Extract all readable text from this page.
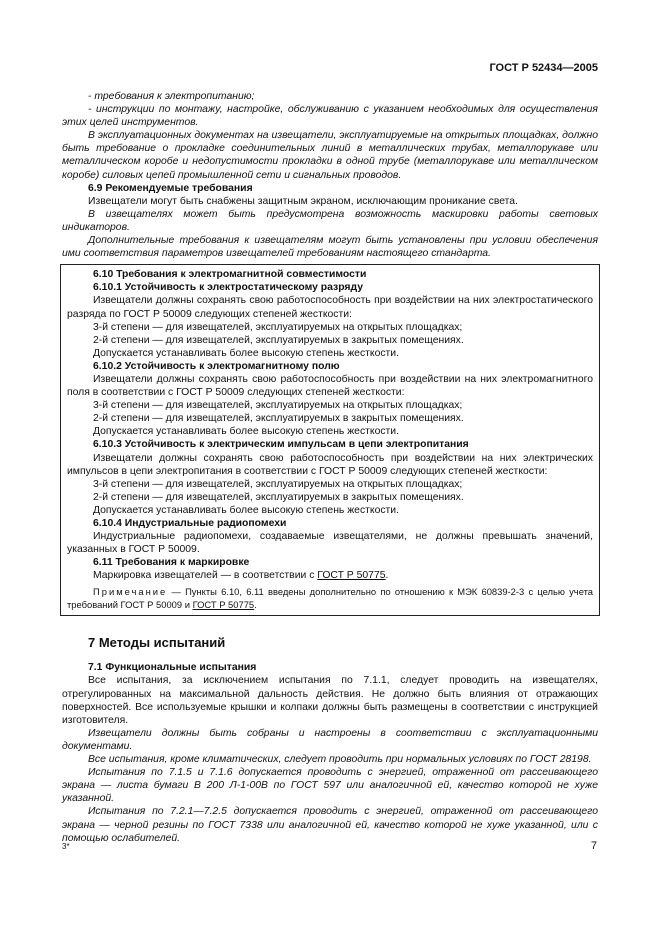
ГОСТ Р 52434—2005

- требования к электропитанию;

- инструкции по монтажу, настройке, обслуживанию с указанием необходимых для осуществления этих целей инструментов.

В эксплуатационных документах на извещатели, эксплуатируемые на открытых площадках, должно быть требование о прокладке соединительных линий в металлических трубах, металлорукаве или металлическом коробе и недопустимости прокладки в одной трубе (металлорукаве или металлическом коробе) силовых цепей промышленной сети и сигнальных проводов.

6.9 Рекомендуемые требования

Извещатели могут быть снабжены защитным экраном, исключающим проникание света.

В извещателях может быть предусмотрена возможность маскировки работы световых индикаторов.

Дополнительные требования к извещателям могут быть установлены при условии обеспечения ими соответствия параметров извещателей требованиям настоящего стандарта.

6.10 Требования к электромагнитной совместимости

6.10.1 Устойчивость к электростатическому разряду

Извещатели должны сохранять свою работоспособность при воздействии на них электростатического разряда по ГОСТ Р 50009 следующих степеней жесткости:

3-й степени — для извещателей, эксплуатируемых на открытых площадках;

2-й степени — для извещателей, эксплуатируемых в закрытых помещениях.

Допускается устанавливать более высокую степень жесткости.

6.10.2 Устойчивость к электромагнитному полю

Извещатели должны сохранять свою работоспособность при воздействии на них электромагнитного поля в соответствии с ГОСТ Р 50009 следующих степеней жесткости:

3-й степени — для извещателей, эксплуатируемых на открытых площадках;

2-й степени — для извещателей, эксплуатируемых в закрытых помещениях.

Допускается устанавливать более высокую степень жесткости.

6.10.3 Устойчивость к электрическим импульсам в цепи электропитания

Извещатели должны сохранять свою работоспособность при воздействии на них электрических импульсов в цепи электропитания в соответствии с ГОСТ Р 50009 следующих степеней жесткости:

3-й степени — для извещателей, эксплуатируемых на открытых площадках;

2-й степени — для извещателей, эксплуатируемых в закрытых помещениях.

Допускается устанавливать более высокую степень жесткости.

6.10.4 Индустриальные радиопомехи

Индустриальные радиопомехи, создаваемые извещателями, не должны превышать значений, указанных в ГОСТ Р 50009.

6.11 Требования к маркировке

Маркировка извещателей — в соответствии с ГОСТ Р 50775.

Примечание — Пункты 6.10, 6.11 введены дополнительно по отношению к МЭК 60839-2-3 с целью учета требований ГОСТ Р 50009 и ГОСТ Р 50775.

7 Методы испытаний

7.1 Функциональные испытания

Все испытания, за исключением испытания по 7.1.1, следует проводить на извещателях, отрегулированных на максимальной дальность действия. Не должно быть влияния от отражающих поверхностей. Все используемые крышки и колпаки должны быть размещены в соответствии с инструкцией изготовителя.

Извещатели должны быть собраны и настроены в соответствии с эксплуатационными документами.

Все испытания, кроме климатических, следует проводить при нормальных условиях по ГОСТ 28198.

Испытания по 7.1.5 и 7.1.6 допускается проводить с энергией, отраженной от рассеивающего экрана — листа бумаги В 200 Л-1-00В по ГОСТ 597 или аналогичной ей, качество которой не хуже указанной.

Испытания по 7.2.1—7.2.5 допускается проводить с энергией, отраженной от рассеивающего экрана — черной резины по ГОСТ 7338 или аналогичной ей, качество которой не хуже указанной, или с помощью ослабителей.

3*	7
